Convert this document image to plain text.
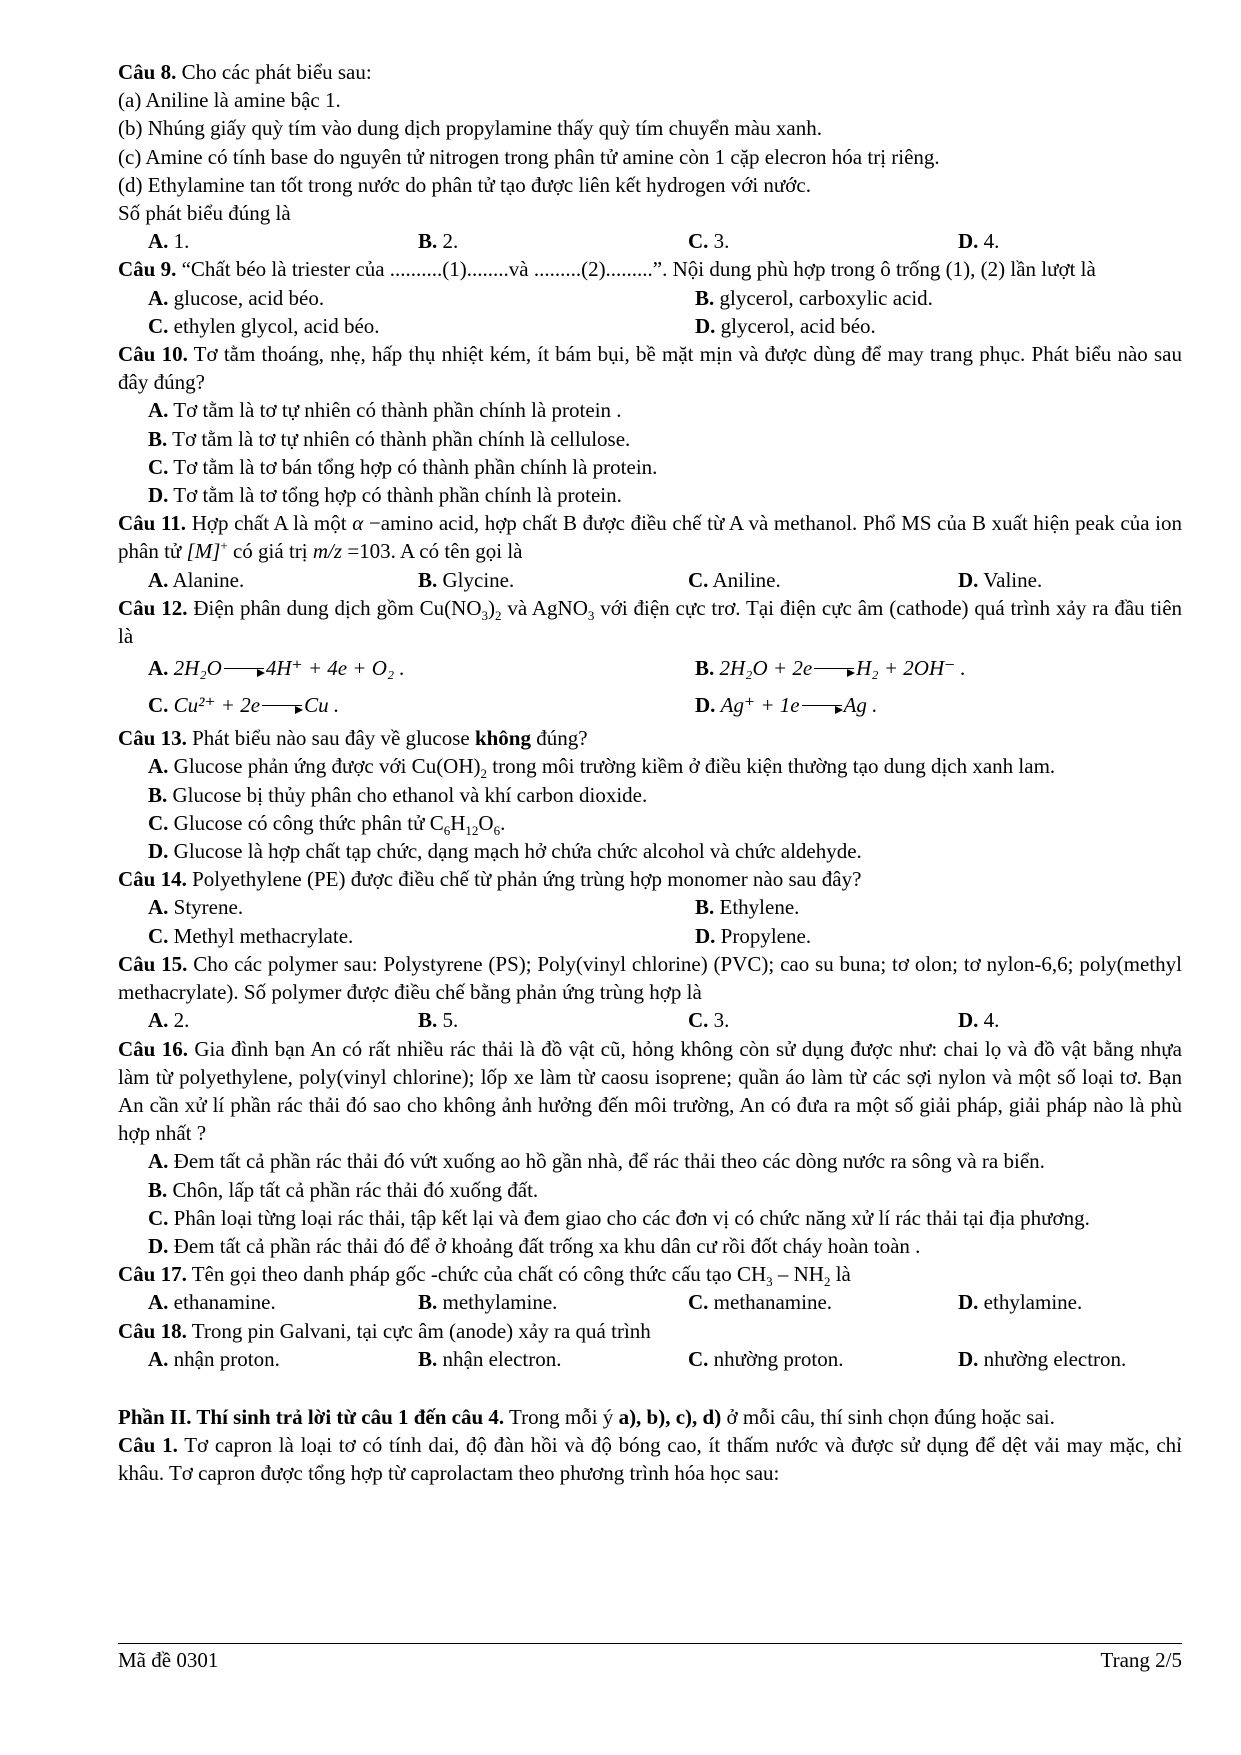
Câu 8. Cho các phát biểu sau:

(a) Aniline là amine bậc 1.

(b) Nhúng giấy quỳ tím vào dung dịch propylamine thấy quỳ tím chuyển màu xanh.

(c) Amine có tính base do nguyên tử nitrogen trong phân tử amine còn 1 cặp elecron hóa trị riêng.

(d) Ethylamine tan tốt trong nước do phân tử tạo được liên kết hydrogen với nước.

Số phát biểu đúng là

A. 1.	B. 2.	C. 3.	D. 4.

Câu 9. “Chất béo là triester của ..........(1)........và .........(2).........”. Nội dung phù hợp trong ô trống (1), (2) lần lượt là

A. glucose, acid béo.	B. glycerol, carboxylic acid.
C. ethylen glycol, acid béo.	D. glycerol, acid béo.

Câu 10. Tơ tằm thoáng, nhẹ, hấp thụ nhiệt kém, ít bám bụi, bề mặt mịn và được dùng để may trang phục. Phát biểu nào sau đây đúng?

A. Tơ tằm là tơ tự nhiên có thành phần chính là protein .

B. Tơ tằm là tơ tự nhiên có thành phần chính là cellulose.

C. Tơ tằm là tơ bán tổng hợp có thành phần chính là protein.

D. Tơ tằm là tơ tổng hợp có thành phần chính là protein.

Câu 11. Hợp chất A là một α −amino acid, hợp chất B được điều chế từ A và methanol. Phổ MS của B xuất hiện peak của ion phân tử [M]+ có giá trị m/z =103. A có tên gọi là

A. Alanine.	B. Glycine.	C. Aniline.	D. Valine.

Câu 12. Điện phân dung dịch gồm $Cu(NO_3)_2$ và AgNO$_3$ với điện cực trơ. Tại điện cực âm (cathode) quá trình xảy ra đầu tiên là

A. 2H₂O 4H⁺ + 4e + O₂ .	B. 2H₂O + 2e H₂ + 2OH⁻ .
C. Cu²⁺ + 2e Cu .	D. Ag⁺ + 1e Ag .

Câu 13. Phát biểu nào sau đây về glucose không đúng?

A. Glucose phản ứng được với $Cu(OH)_2$ trong môi trường kiềm ở điều kiện thường tạo dung dịch xanh lam.

B. Glucose bị thủy phân cho ethanol và khí carbon dioxide.

C. Glucose có công thức phân tử $C_6H_{12}O_6$.

D. Glucose là hợp chất tạp chức, dạng mạch hở chứa chức alcohol và chức aldehyde.

Câu 14. Polyethylene (PE) được điều chế từ phản ứng trùng hợp monomer nào sau đây?

A. Styrene.	B. Ethylene.
C. Methyl methacrylate.	D. Propylene.

Câu 15. Cho các polymer sau: Polystyrene (PS); Poly(vinyl chlorine) (PVC); cao su buna; tơ olon; tơ nylon-6,6; poly(methyl methacrylate). Số polymer được điều chế bằng phản ứng trùng hợp là

A. 2.	B. 5.	C. 3.	D. 4.

Câu 16. Gia đình bạn An có rất nhiều rác thải là đồ vật cũ, hỏng không còn sử dụng được như: chai lọ và đồ vật bằng nhựa làm từ polyethylene, poly(vinyl chlorine); lốp xe làm từ caosu isoprene; quần áo làm từ các sợi nylon và một số loại tơ. Bạn An cần xử lí phần rác thải đó sao cho không ảnh hưởng đến môi trường, An có đưa ra một số giải pháp, giải pháp nào là phù hợp nhất ?

A. Đem tất cả phần rác thải đó vứt xuống ao hồ gần nhà, để rác thải theo các dòng nước ra sông và ra biển.

B. Chôn, lấp tất cả phần rác thải đó xuống đất.

C. Phân loại từng loại rác thải, tập kết lại và đem giao cho các đơn vị có chức năng xử lí rác thải tại địa phương.

D. Đem tất cả phần rác thải đó để ở khoảng đất trống xa khu dân cư rồi đốt cháy hoàn toàn .

Câu 17. Tên gọi theo danh pháp gốc -chức của chất có công thức cấu tạo $CH_3 - NH_2$ là

A. ethanamine.	B. methylamine.	C. methanamine.	D. ethylamine.

Câu 18. Trong pin Galvani, tại cực âm (anode) xảy ra quá trình

A. nhận proton.	B. nhận electron.	C. nhường proton.	D. nhường electron.

Phần II. Thí sinh trả lời từ câu 1 đến câu 4. Trong mỗi ý a), b), c), d) ở mỗi câu, thí sinh chọn đúng hoặc sai.

Câu 1. Tơ capron là loại tơ có tính dai, độ đàn hồi và độ bóng cao, ít thấm nước và được sử dụng để dệt vải may mặc, chỉ khâu. Tơ capron được tổng hợp từ caprolactam theo phương trình hóa học sau:

Mã đề 0301	Trang 2/5
